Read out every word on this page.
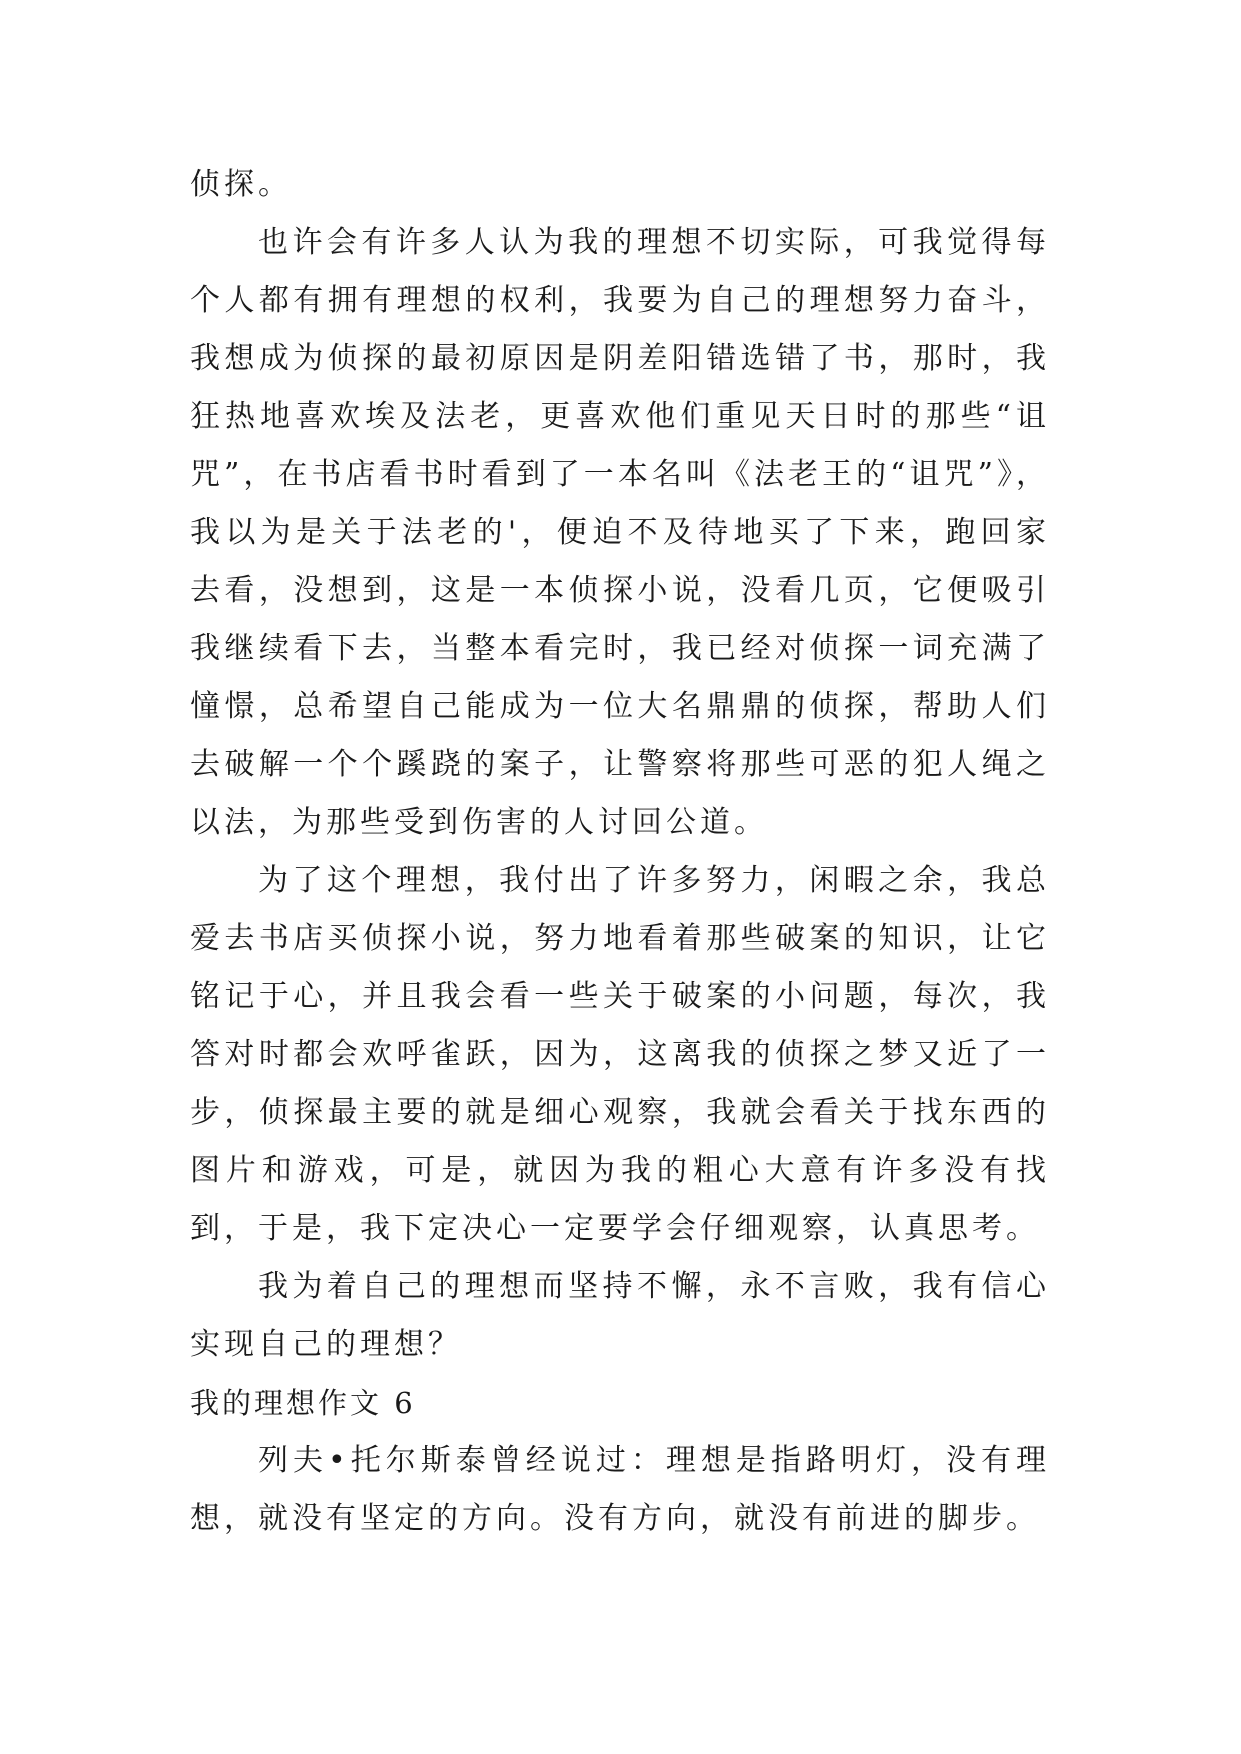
侦探。

也许会有许多人认为我的理想不切实际，可我觉得每个人都有拥有理想的权利，我要为自己的理想努力奋斗，我想成为侦探的最初原因是阴差阳错选错了书，那时，我狂热地喜欢埃及法老，更喜欢他们重见天日时的那些“诅咒”，在书店看书时看到了一本名叫《法老王的“诅咒”》，我以为是关于法老的'，便迫不及待地买了下来，跑回家去看，没想到，这是一本侦探小说，没看几页，它便吸引我继续看下去，当整本看完时，我已经对侦探一词充满了憧憬，总希望自己能成为一位大名鼎鼎的侦探，帮助人们去破解一个个蹊跷的案子，让警察将那些可恶的犯人绳之以法，为那些受到伤害的人讨回公道。

为了这个理想，我付出了许多努力，闲暇之余，我总爱去书店买侦探小说，努力地看着那些破案的知识，让它铭记于心，并且我会看一些关于破案的小问题，每次，我答对时都会欢呼雀跃，因为，这离我的侦探之梦又近了一步，侦探最主要的就是细心观察，我就会看关于找东西的图片和游戏，可是，就因为我的粗心大意有许多没有找到，于是，我下定决心一定要学会仔细观察，认真思考。

我为着自己的理想而坚持不懈，永不言败，我有信心实现自己的理想？

我的理想作文 6

列夫•托尔斯泰曾经说过：理想是指路明灯，没有理想，就没有坚定的方向。没有方向，就没有前进的脚步。
